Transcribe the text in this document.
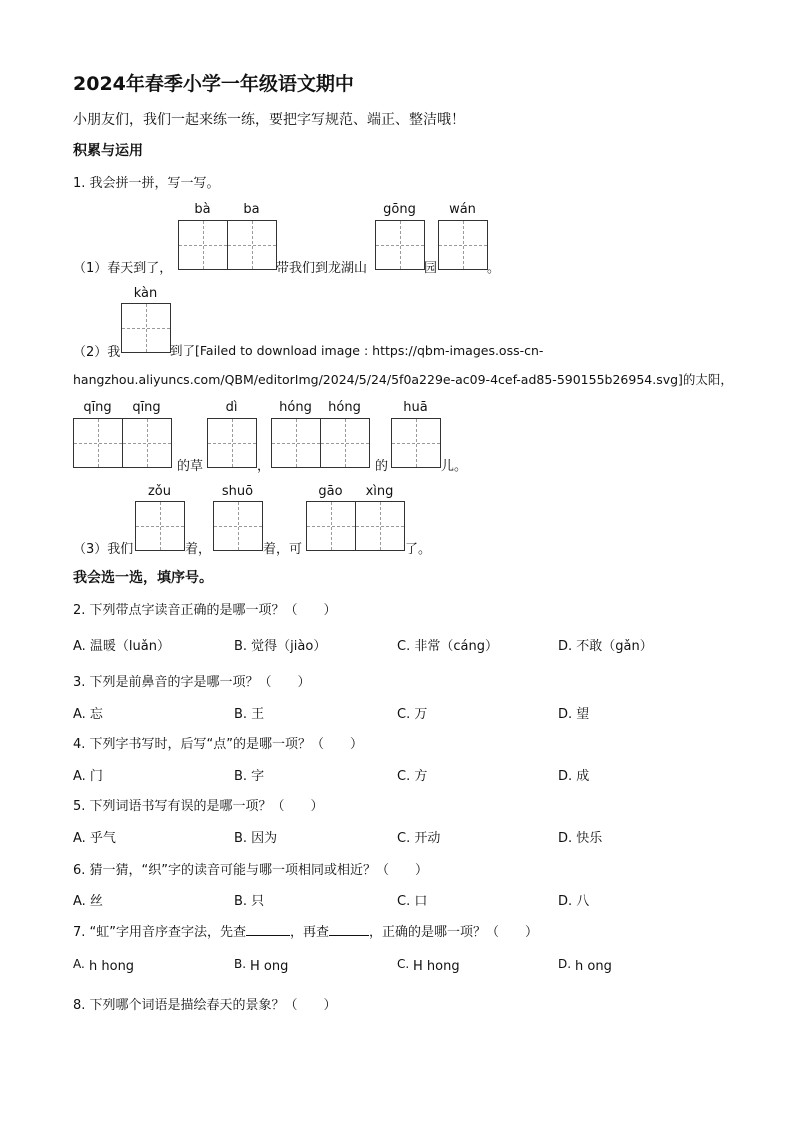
2024年春季小学一年级语文期中
小朋友们，我们一起来练一练，要把字写规范、端正、整洁哦！
积累与运用
1. 我会拼一拼，写一写。
bà	ba	gōng	wán
（1）春天到了，	带我们到龙湖山	园	。
kàn
（2）我	到了[Failed to download image : https://qbm-images.oss-cn-
hangzhou.aliyuncs.com/QBM/editorImg/2024/5/24/5f0a229e-ac09-4cef-ad85-590155b26954.svg]的太阳，
qīng	qīng	dì	hóng	hóng	huā
的草	，	的	儿。
zǒu	shuō	gāo	xìng
（3）我们	着，	着，可	了。
我会选一选，填序号。
2. 下列带点字读音正确的是哪一项？（　　）
A. 温暖（luǎn）	B. 觉得（jiào）	C. 非常（cáng）	D. 不敢（gǎn）
3. 下列是前鼻音的字是哪一项？（　　）
A. 忘	B. 王	C. 万	D. 望
4. 下列字书写时，后写“点”的是哪一项？（　　）
A. 门	B. 字	C. 方	D. 成
5. 下列词语书写有误的是哪一项？（　　）
A. 乎气	B. 因为	C. 开动	D. 快乐
6. 猜一猜，“织”字的读音可能与哪一项相同或相近？（　　）
A. 丝	B. 只	C. 口	D. 八
7. “虹”字用音序查字法，先查	，再查	，正确的是哪一项？（　　）
A. h hong	B. H ong	C. H hong	D. h ong
8. 下列哪个词语是描绘春天的景象？（　　）
